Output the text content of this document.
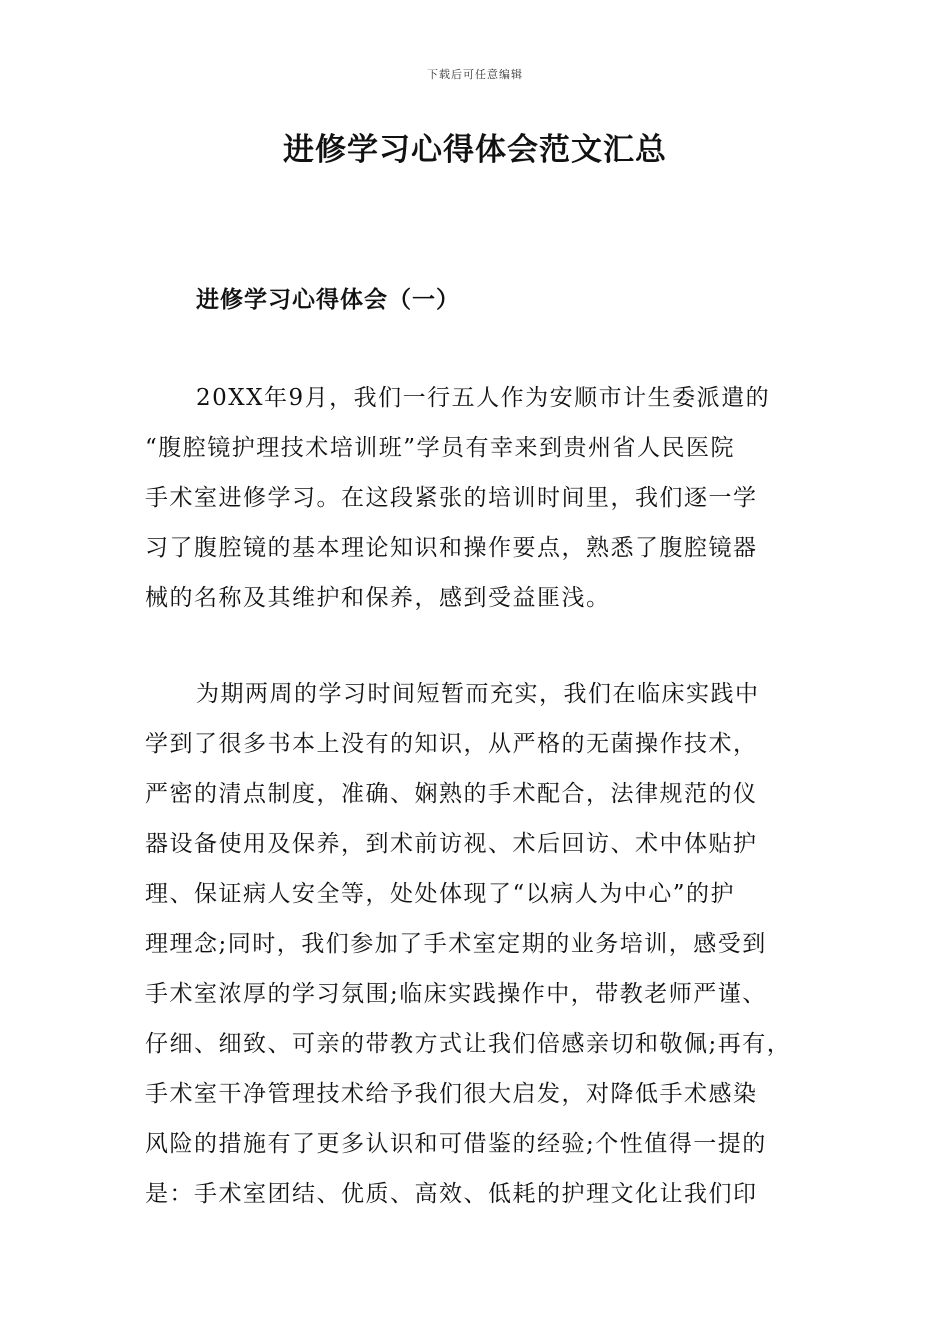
下载后可任意编辑
进修学习心得体会范文汇总
进修学习心得体会（一）
20XX年9月，我们一行五人作为安顺市计生委派遣的
“腹腔镜护理技术培训班”学员有幸来到贵州省人民医院
手术室进修学习。在这段紧张的培训时间里，我们逐一学
习了腹腔镜的基本理论知识和操作要点，熟悉了腹腔镜器
械的名称及其维护和保养，感到受益匪浅。
为期两周的学习时间短暂而充实，我们在临床实践中
学到了很多书本上没有的知识，从严格的无菌操作技术，
严密的清点制度，准确、娴熟的手术配合，法律规范的仪
器设备使用及保养，到术前访视、术后回访、术中体贴护
理、保证病人安全等，处处体现了“以病人为中心”的护
理理念;同时，我们参加了手术室定期的业务培训，感受到
手术室浓厚的学习氛围;临床实践操作中，带教老师严谨、
仔细、细致、可亲的带教方式让我们倍感亲切和敬佩;再有，
手术室干净管理技术给予我们很大启发，对降低手术感染
风险的措施有了更多认识和可借鉴的经验;个性值得一提的
是：手术室团结、优质、高效、低耗的护理文化让我们印
